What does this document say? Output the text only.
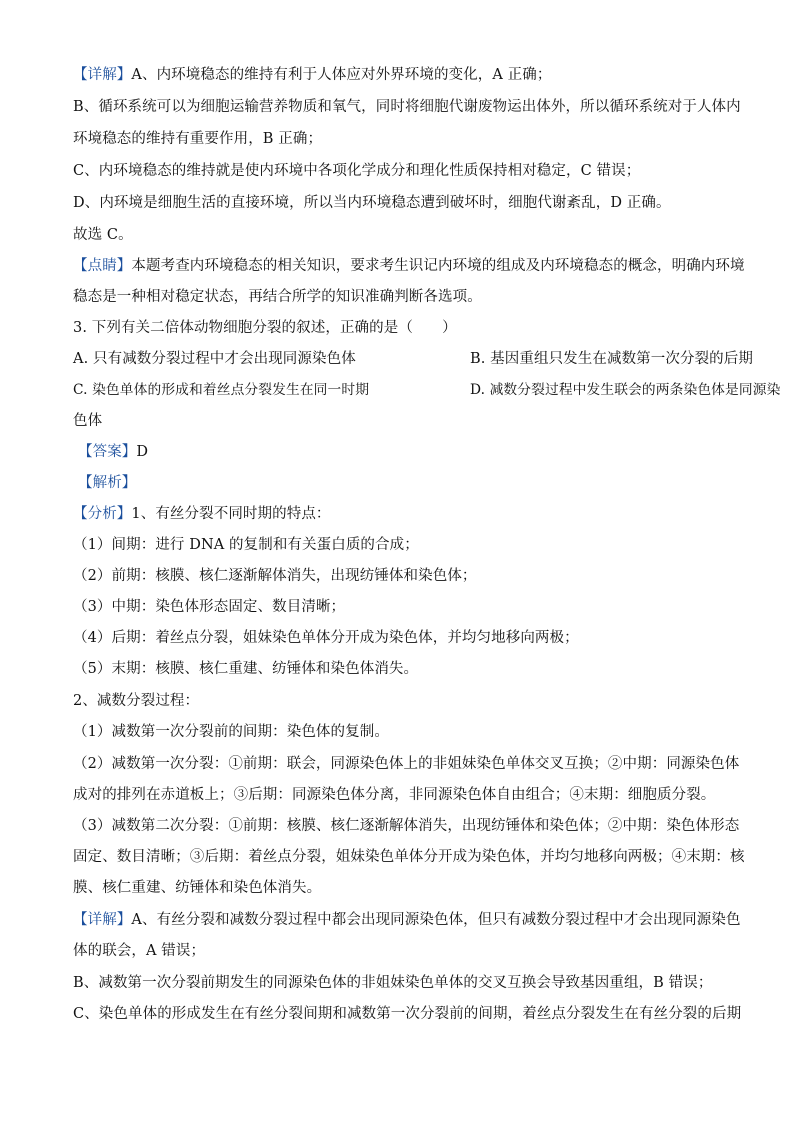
【详解】A、内环境稳态的维持有利于人体应对外界环境的变化，A 正确；
B、循环系统可以为细胞运输营养物质和氧气，同时将细胞代谢废物运出体外，所以循环系统对于人体内
环境稳态的维持有重要作用，B 正确；
C、内环境稳态的维持就是使内环境中各项化学成分和理化性质保持相对稳定，C 错误；
D、内环境是细胞生活的直接环境，所以当内环境稳态遭到破坏时，细胞代谢紊乱，D 正确。
故选 C。
【点睛】本题考查内环境稳态的相关知识，要求考生识记内环境的组成及内环境稳态的概念，明确内环境
稳态是一种相对稳定状态，再结合所学的知识准确判断各选项。
3. 下列有关二倍体动物细胞分裂的叙述，正确的是（　　）
A. 只有减数分裂过程中才会出现同源染色体	B. 基因重组只发生在减数第一次分裂的后期
C. 染色单体的形成和着丝点分裂发生在同一时期	D. 减数分裂过程中发生联会的两条染色体是同源染
色体
【答案】D
【解析】
【分析】1、有丝分裂不同时期的特点：
（1）间期：进行 DNA 的复制和有关蛋白质的合成；
（2）前期：核膜、核仁逐渐解体消失，出现纺锤体和染色体；
（3）中期：染色体形态固定、数目清晰；
（4）后期：着丝点分裂，姐妹染色单体分开成为染色体，并均匀地移向两极；
（5）末期：核膜、核仁重建、纺锤体和染色体消失。
2、减数分裂过程：
（1）减数第一次分裂前的间期：染色体的复制。
（2）减数第一次分裂：①前期：联会，同源染色体上的非姐妹染色单体交叉互换；②中期：同源染色体
成对的排列在赤道板上；③后期：同源染色体分离，非同源染色体自由组合；④末期：细胞质分裂。
（3）减数第二次分裂：①前期：核膜、核仁逐渐解体消失，出现纺锤体和染色体；②中期：染色体形态
固定、数目清晰；③后期：着丝点分裂，姐妹染色单体分开成为染色体，并均匀地移向两极；④末期：核
膜、核仁重建、纺锤体和染色体消失。
【详解】A、有丝分裂和减数分裂过程中都会出现同源染色体，但只有减数分裂过程中才会出现同源染色
体的联会，A 错误；
B、减数第一次分裂前期发生的同源染色体的非姐妹染色单体的交叉互换会导致基因重组，B 错误；
C、染色单体的形成发生在有丝分裂间期和减数第一次分裂前的间期，着丝点分裂发生在有丝分裂的后期
